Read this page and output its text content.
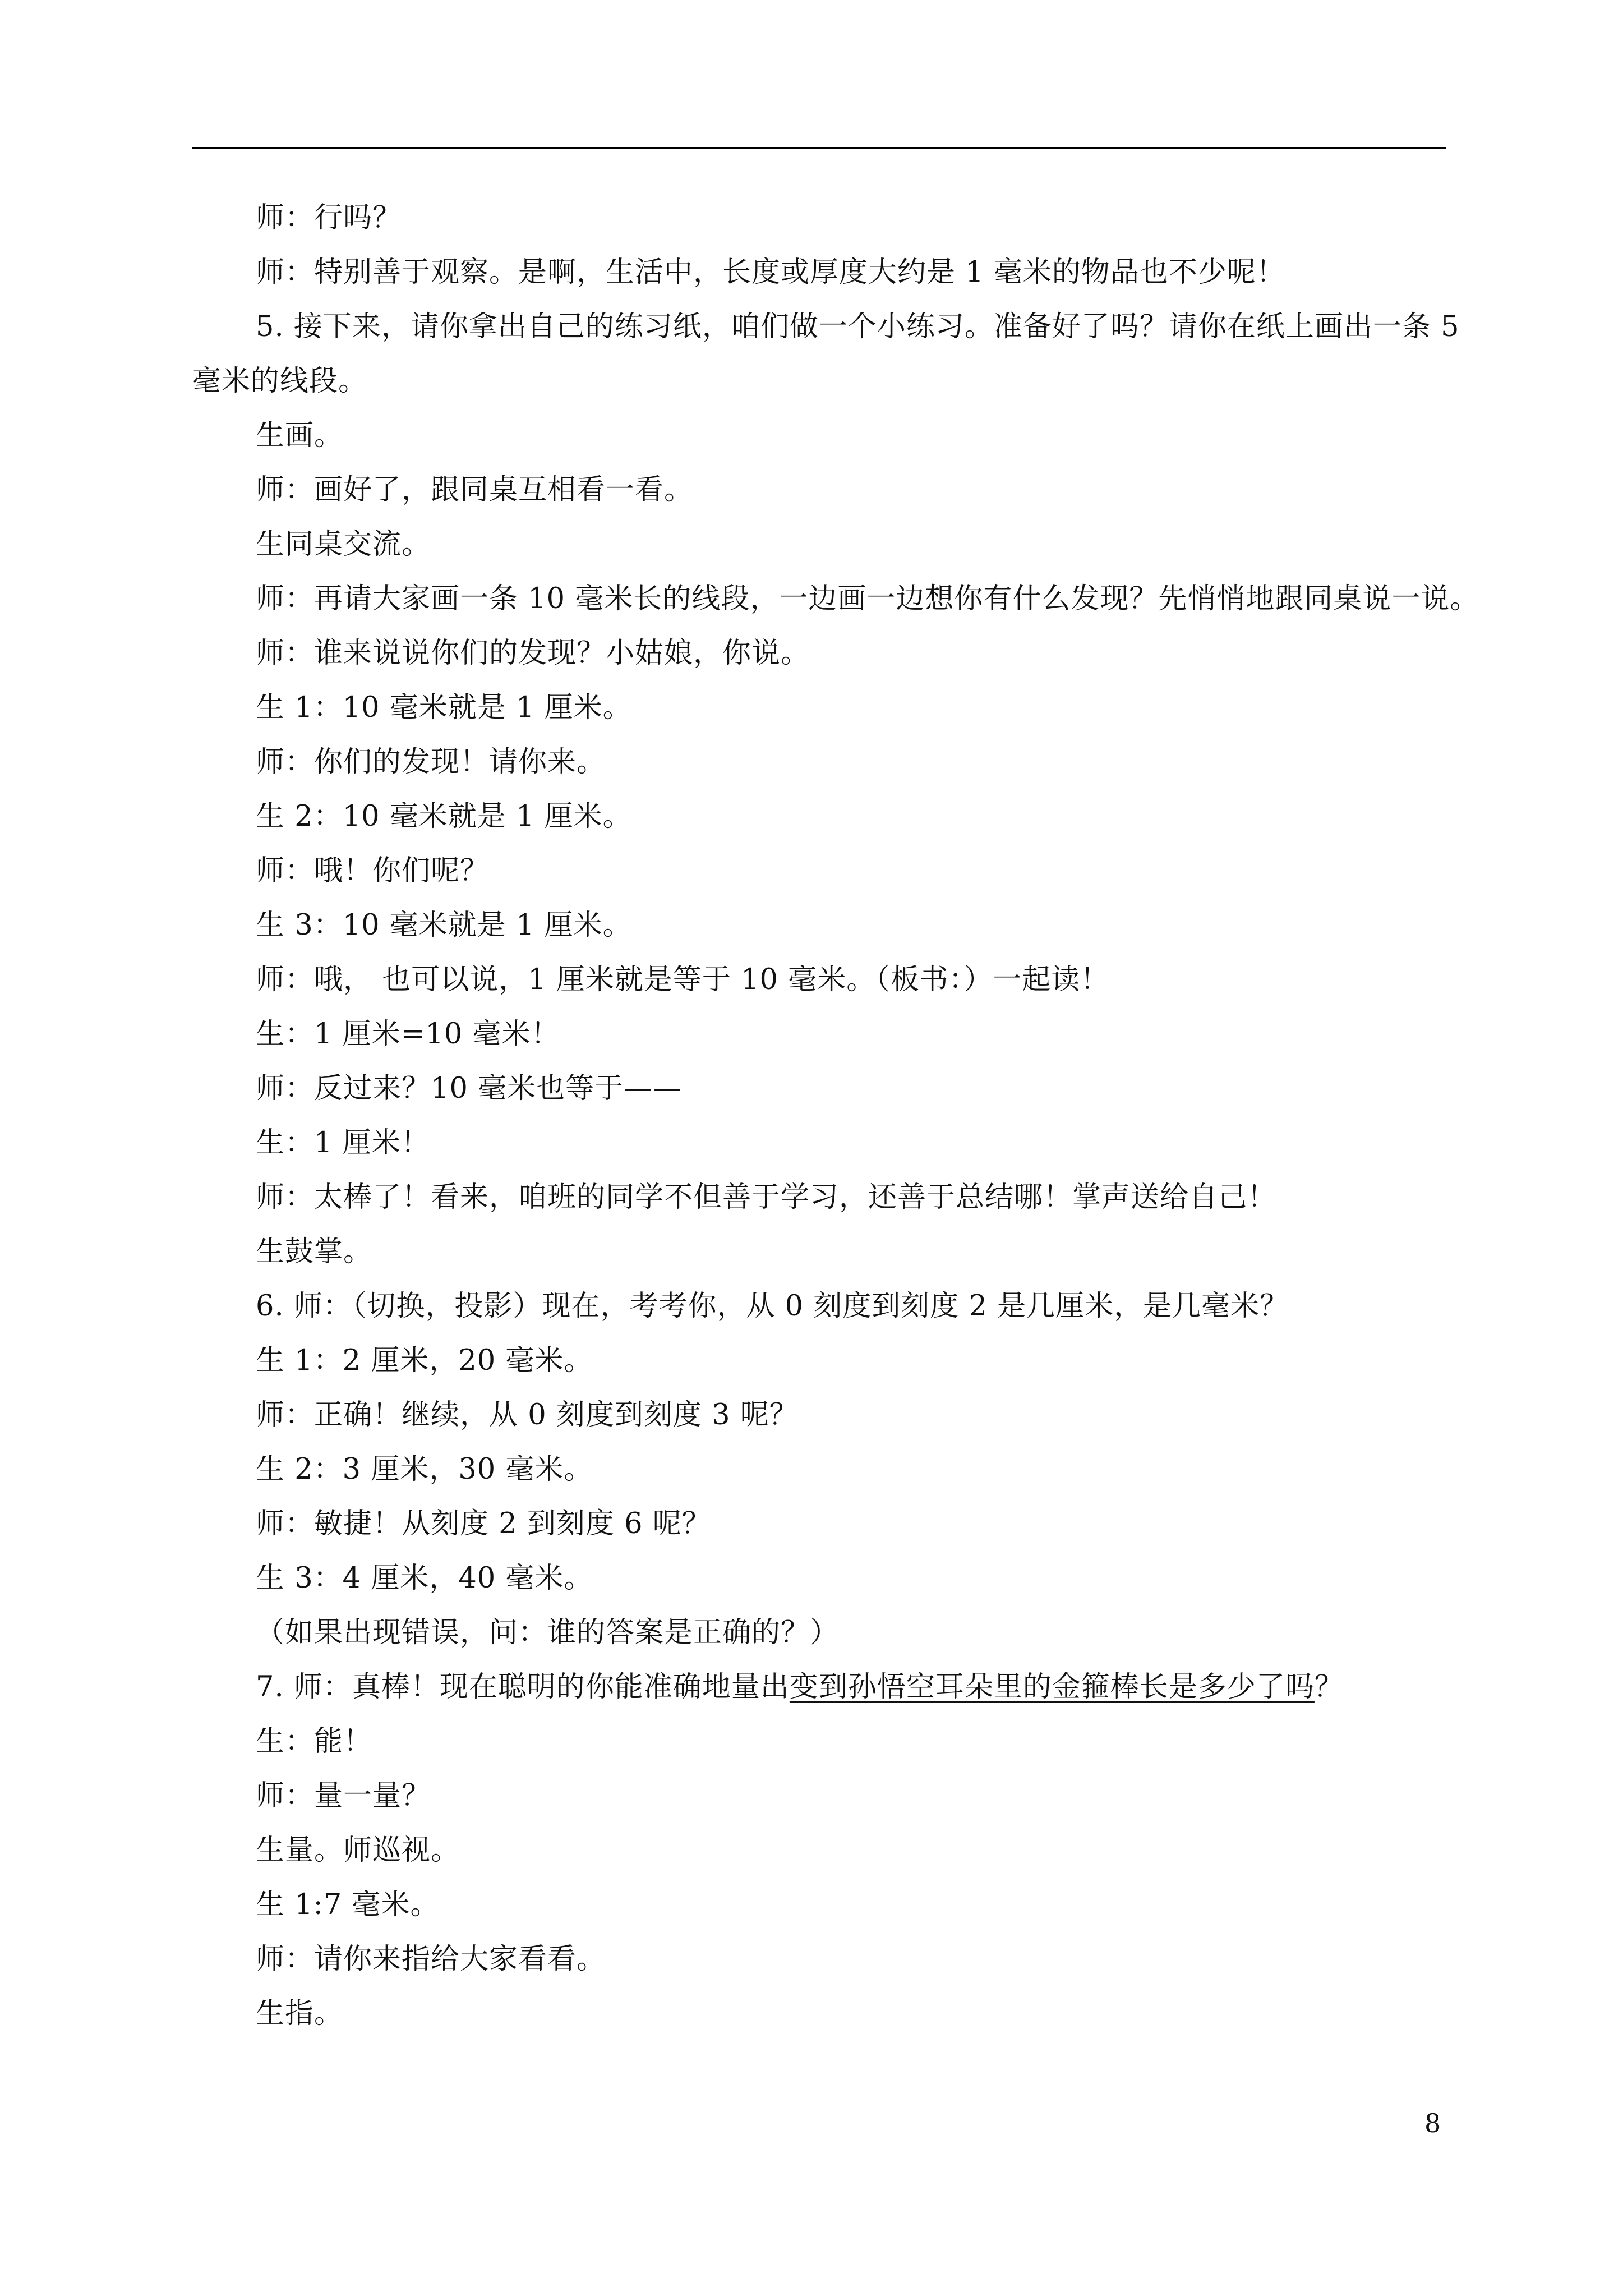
师：行吗？
师：特别善于观察。是啊，生活中，长度或厚度大约是 1 毫米的物品也不少呢！
5. 接下来，请你拿出自己的练习纸，咱们做一个小练习。准备好了吗？请你在纸上画出一条 5
毫米的线段。
生画。
师：画好了，跟同桌互相看一看。
生同桌交流。
师：再请大家画一条 10 毫米长的线段，一边画一边想你有什么发现？先悄悄地跟同桌说一说。
师：谁来说说你们的发现？小姑娘，你说。
生 1：10 毫米就是 1 厘米。
师：你们的发现！请你来。
生 2：10 毫米就是 1 厘米。
师：哦！你们呢？
生 3：10 毫米就是 1 厘米。
师：哦， 也可以说，1 厘米就是等于 10 毫米。（板书：）一起读！
生：1 厘米=10 毫米！
师：反过来？10 毫米也等于——
生：1 厘米！
师：太棒了！看来，咱班的同学不但善于学习，还善于总结哪！掌声送给自己！
生鼓掌。
6. 师：（切换，投影）现在，考考你，从 0 刻度到刻度 2 是几厘米，是几毫米？
生 1：2 厘米，20 毫米。
师：正确！继续，从 0 刻度到刻度 3 呢？
生 2：3 厘米，30 毫米。
师：敏捷！从刻度 2 到刻度 6 呢？
生 3：4 厘米，40 毫米。
（如果出现错误，问：谁的答案是正确的？）
7. 师：真棒！现在聪明的你能准确地量出变到孙悟空耳朵里的金箍棒长是多少了吗？
生：能！
师：量一量？
生量。师巡视。
生 1:7 毫米。
师：请你来指给大家看看。
生指。
8
